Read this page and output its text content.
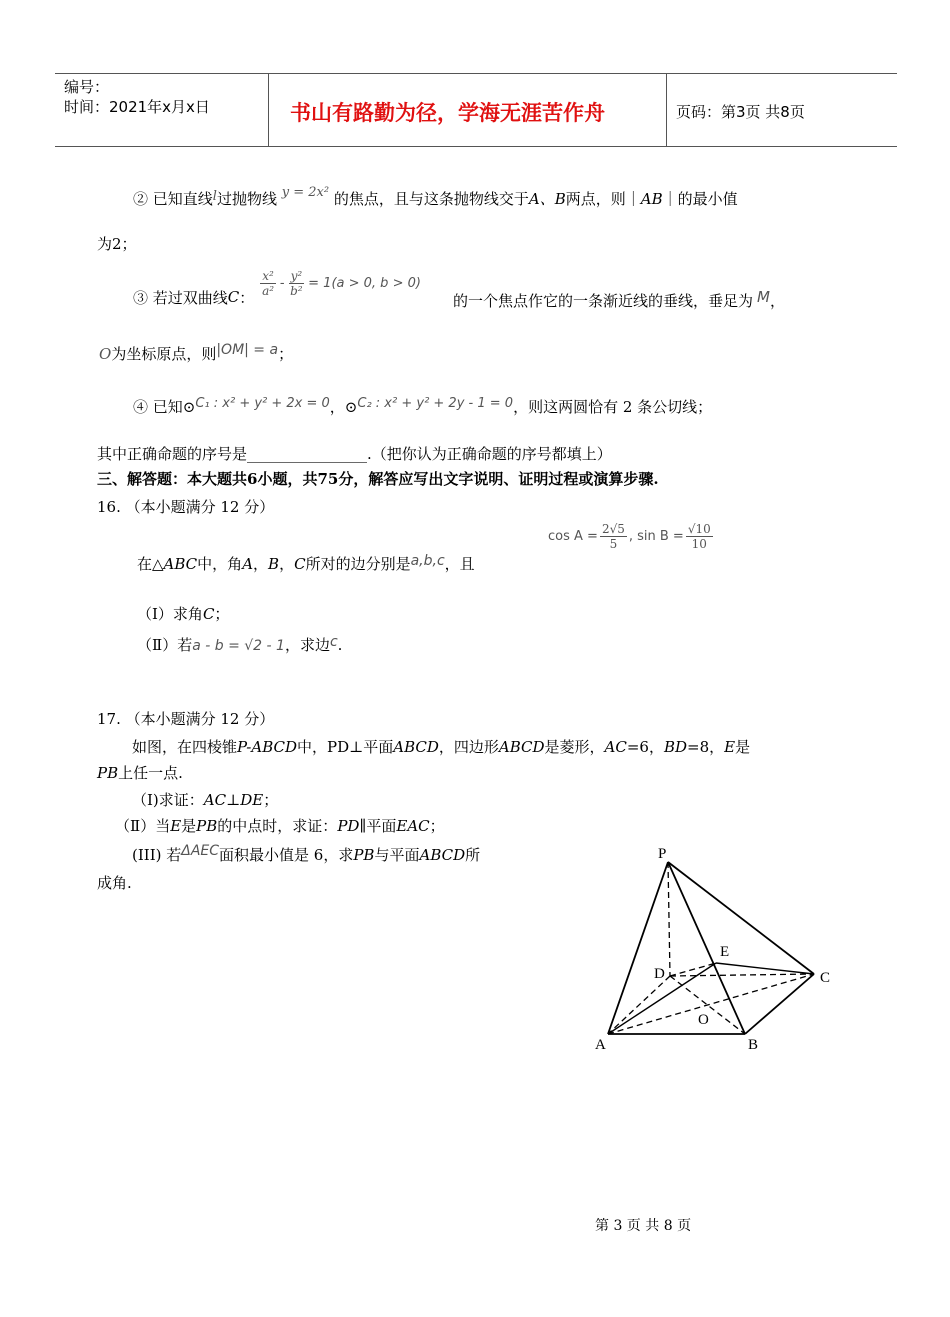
编号：
时间：2021年x月x日	书山有路勤为径，学海无涯苦作舟	页码：第3页 共8页
② 已知直线l过抛物线 y = 2x² 的焦点，且与这条抛物线交于A、B两点，则｜AB｜的最小值
为2；
③ 若过双曲线 C ： $\frac{\text{x²}}{\text{a²}} - \frac{\text{y²}}{\text{b²}} = 1(a > 0$, b > 0)
的一个焦点作它的一条渐近线的垂线，垂足为 M，
O为坐标原点，则|OM| = a；
④ 已知⊙C₁ : x² + y² + 2x = 0，⊙C₂ : x² + y² + 2y - 1 = 0，则这两圆恰有 2 条公切线；
其中正确命题的序号是________________.（把你认为正确命题的序号都填上）
三、解答题：本大题共6小题，共75分，解答应写出文字说明、证明过程或演算步骤.
16. （本小题满分 12 分）
在△ABC中，角A，B，C所对的边分别是a,b,c，且
$\cos A = \frac{2√5}{5}$ , $\sin B = \frac{√10}{10}$
（Ⅰ）求角C；
（Ⅱ）若a - b = √2 - 1，求边c.
17. （本小题满分 12 分）
如图，在四棱锥P-ABCD中，PD⊥平面ABCD，四边形ABCD是菱形，AC=6，BD=8，E是
PB上任一点.
（Ⅰ)求证：AC⊥DE；
（Ⅱ）当E是PB的中点时，求证：PD∥平面EAC；
(III) 若ΔAEC面积最小值是 6，求PB与平面ABCD所
成角.
P
E
D	C
O
A	B
第 3 页 共 8 页
